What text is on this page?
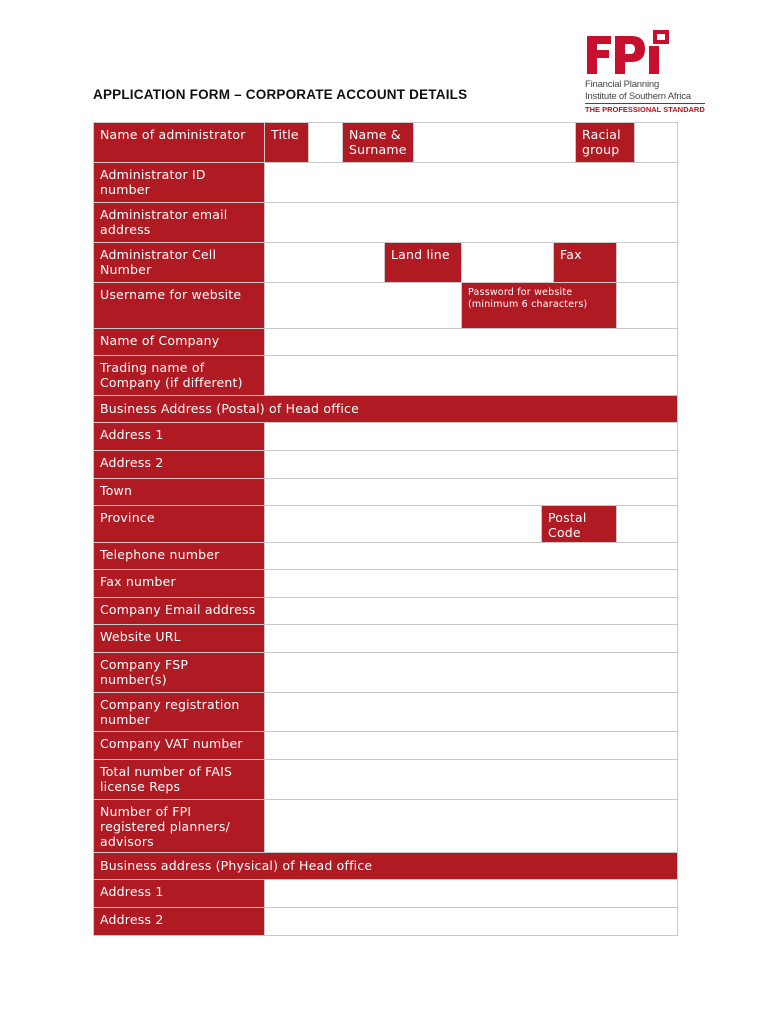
Financial Planning
Institute of Southern Africa
THE PROFESSIONAL STANDARD
APPLICATION FORM – CORPORATE ACCOUNT DETAILS
Name of administrator	Title		Name & Surname						Racial group	

Administrator ID number	

Administrator email address	

Administrator Cell Number				Land line				Fax	

Username for website						Password for website (minimum 6 characters)	

Name of Company	

Trading name of Company (if different)	

Business Address (Postal) of Head office											
Address 1	

Address 2	

Town	

Province							Postal Code	

Telephone number	

Fax number	

Company Email address	

Website URL	

Company FSP number(s)	

Company registration number	

Company VAT number	

Total number of FAIS license Reps	

Number of FPI registered planners/ advisors	

Business address (Physical) of Head office											
Address 1	

Address 2	
